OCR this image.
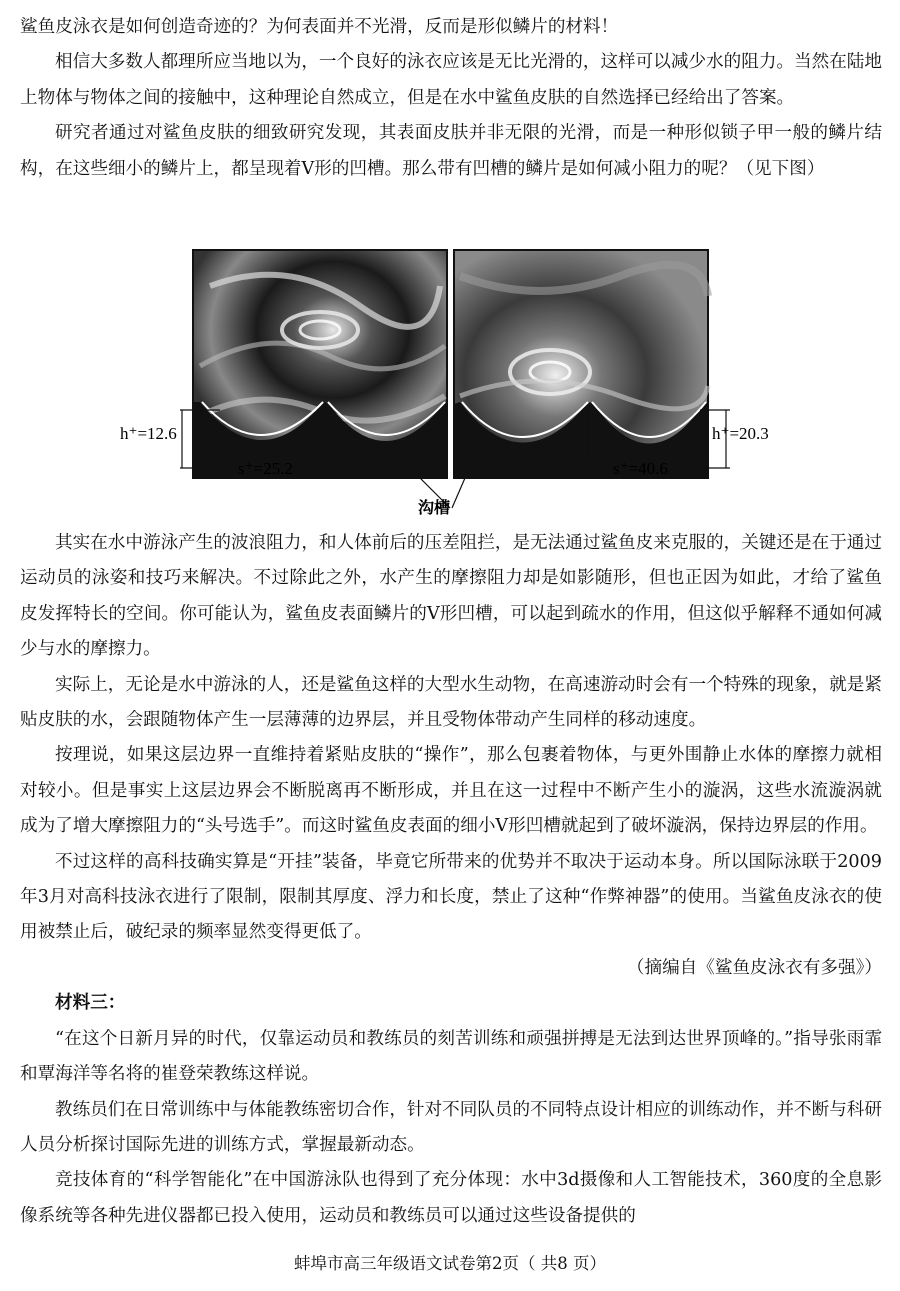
鲨鱼皮泳衣是如何创造奇迹的？为何表面并不光滑，反而是形似鳞片的材料！

相信大多数人都理所应当地以为，一个良好的泳衣应该是无比光滑的，这样可以减少水的阻力。当然在陆地上物体与物体之间的接触中，这种理论自然成立，但是在水中鲨鱼皮肤的自然选择已经给出了答案。

研究者通过对鲨鱼皮肤的细致研究发现，其表面皮肤并非无限的光滑，而是一种形似锁子甲一般的鳞片结构，在这些细小的鳞片上，都呈现着V形的凹槽。那么带有凹槽的鳞片是如何减小阻力的呢？（见下图）

h⁺=12.6
s⁺=25.2
h⁺=20.3
s⁺=40.6
沟槽

其实在水中游泳产生的波浪阻力，和人体前后的压差阻拦，是无法通过鲨鱼皮来克服的，关键还是在于通过运动员的泳姿和技巧来解决。不过除此之外，水产生的摩擦阻力却是如影随形，但也正因为如此，才给了鲨鱼皮发挥特长的空间。你可能认为，鲨鱼皮表面鳞片的V形凹槽，可以起到疏水的作用，但这似乎解释不通如何减少与水的摩擦力。

实际上，无论是水中游泳的人，还是鲨鱼这样的大型水生动物，在高速游动时会有一个特殊的现象，就是紧贴皮肤的水，会跟随物体产生一层薄薄的边界层，并且受物体带动产生同样的移动速度。

按理说，如果这层边界一直维持着紧贴皮肤的“操作”，那么包裹着物体，与更外围静止水体的摩擦力就相对较小。但是事实上这层边界会不断脱离再不断形成，并且在这一过程中不断产生小的漩涡，这些水流漩涡就成为了增大摩擦阻力的“头号选手”。而这时鲨鱼皮表面的细小V形凹槽就起到了破坏漩涡，保持边界层的作用。

不过这样的高科技确实算是“开挂”装备，毕竟它所带来的优势并不取决于运动本身。所以国际泳联于2009年3月对高科技泳衣进行了限制，限制其厚度、浮力和长度，禁止了这种“作弊神器”的使用。当鲨鱼皮泳衣的使用被禁止后，破纪录的频率显然变得更低了。

（摘编自《鲨鱼皮泳衣有多强》）

材料三：

“在这个日新月异的时代，仅靠运动员和教练员的刻苦训练和顽强拼搏是无法到达世界顶峰的。”指导张雨霏和覃海洋等名将的崔登荣教练这样说。

教练员们在日常训练中与体能教练密切合作，针对不同队员的不同特点设计相应的训练动作，并不断与科研人员分析探讨国际先进的训练方式，掌握最新动态。

竞技体育的“科学智能化”在中国游泳队也得到了充分体现：水中3d摄像和人工智能技术，360度的全息影像系统等各种先进仪器都已投入使用，运动员和教练员可以通过这些设备提供的

蚌埠市高三年级语文试卷第2页（ 共8 页）
